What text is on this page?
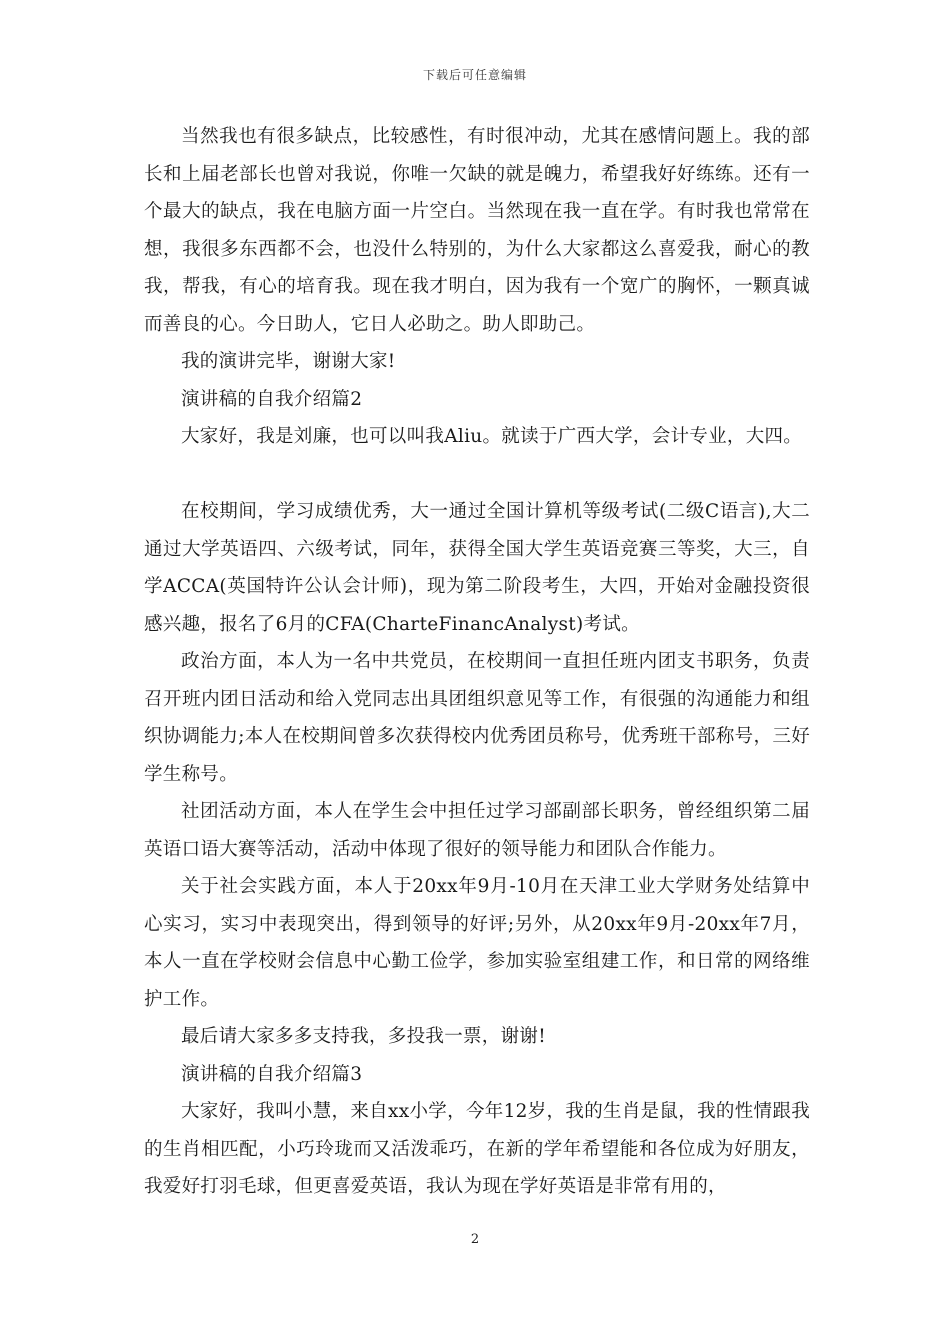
下载后可任意编辑

当然我也有很多缺点，比较感性，有时很冲动，尤其在感情问题上。我的部长和上届老部长也曾对我说，你唯一欠缺的就是魄力，希望我好好练练。还有一个最大的缺点，我在电脑方面一片空白。当然现在我一直在学。有时我也常常在想，我很多东西都不会，也没什么特别的，为什么大家都这么喜爱我，耐心的教我，帮我，有心的培育我。现在我才明白，因为我有一个宽广的胸怀，一颗真诚而善良的心。今日助人，它日人必助之。助人即助己。

我的演讲完毕，谢谢大家!

演讲稿的自我介绍篇2

大家好，我是刘廉，也可以叫我Aliu。就读于广西大学，会计专业，大四。

在校期间，学习成绩优秀，大一通过全国计算机等级考试(二级C语言),大二通过大学英语四、六级考试，同年，获得全国大学生英语竞赛三等奖，大三，自学ACCA(英国特许公认会计师)，现为第二阶段考生，大四，开始对金融投资很感兴趣，报名了6月的CFA(CharteFinancAnalyst)考试。

政治方面，本人为一名中共党员，在校期间一直担任班内团支书职务，负责召开班内团日活动和给入党同志出具团组织意见等工作，有很强的沟通能力和组织协调能力;本人在校期间曾多次获得校内优秀团员称号，优秀班干部称号，三好学生称号。

社团活动方面，本人在学生会中担任过学习部副部长职务，曾经组织第二届英语口语大赛等活动，活动中体现了很好的领导能力和团队合作能力。

关于社会实践方面，本人于20xx年9月-10月在天津工业大学财务处结算中心实习，实习中表现突出，得到领导的好评;另外，从20xx年9月-20xx年7月，本人一直在学校财会信息中心勤工俭学，参加实验室组建工作，和日常的网络维护工作。

最后请大家多多支持我，多投我一票，谢谢!

演讲稿的自我介绍篇3

大家好，我叫小慧，来自xx小学，今年12岁，我的生肖是鼠，我的性情跟我的生肖相匹配，小巧玲珑而又活泼乖巧，在新的学年希望能和各位成为好朋友，我爱好打羽毛球，但更喜爱英语，我认为现在学好英语是非常有用的，

2
